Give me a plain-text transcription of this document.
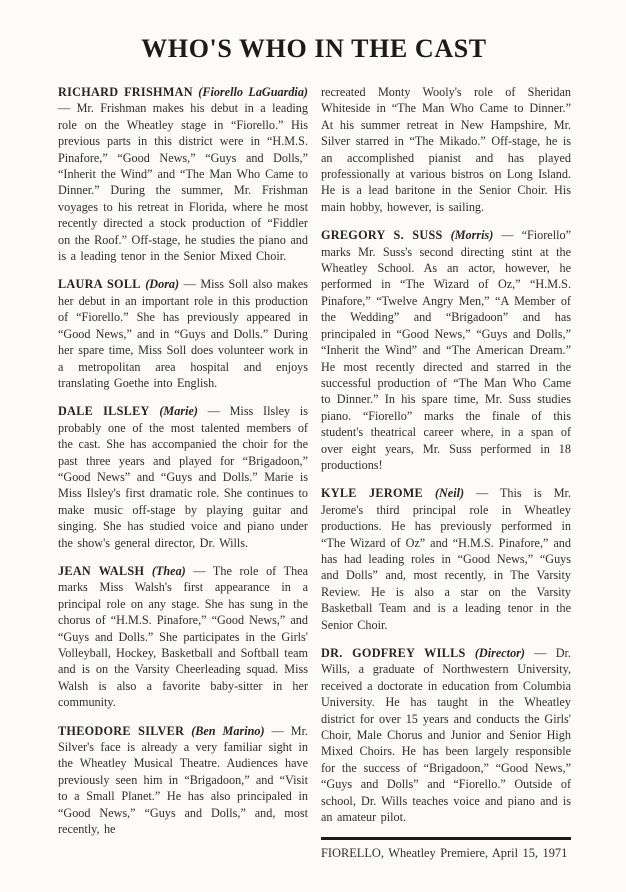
WHO'S WHO IN THE CAST

RICHARD FRISHMAN (Fiorello LaGuardia) — Mr. Frishman makes his debut in a leading role on the Wheatley stage in “Fiorello.” His previous parts in this district were in “H.M.S. Pinafore,” “Good News,” “Guys and Dolls,” “Inherit the Wind” and “The Man Who Came to Dinner.” During the summer, Mr. Frishman voyages to his retreat in Florida, where he most recently directed a stock production of “Fiddler on the Roof.” Off-stage, he studies the piano and is a leading tenor in the Senior Mixed Choir.

LAURA SOLL (Dora) — Miss Soll also makes her debut in an important role in this production of “Fiorello.” She has previously appeared in “Good News,” and in “Guys and Dolls.” During her spare time, Miss Soll does volunteer work in a metropolitan area hospital and enjoys translating Goethe into English.

DALE ILSLEY (Marie) — Miss Ilsley is probably one of the most talented members of the cast. She has accompanied the choir for the past three years and played for “Brigadoon,” “Good News” and “Guys and Dolls.” Marie is Miss Ilsley's first dramatic role. She continues to make music off-stage by playing guitar and singing. She has studied voice and piano under the show's general director, Dr. Wills.

JEAN WALSH (Thea) — The role of Thea marks Miss Walsh's first appearance in a principal role on any stage. She has sung in the chorus of “H.M.S. Pinafore,” “Good News,” and “Guys and Dolls.” She participates in the Girls' Volleyball, Hockey, Basketball and Softball team and is on the Varsity Cheerleading squad. Miss Walsh is also a favorite baby-sitter in her community.

THEODORE SILVER (Ben Marino) — Mr. Silver's face is already a very familiar sight in the Wheatley Musical Theatre. Audiences have previously seen him in “Brigadoon,” and “Visit to a Small Planet.” He has also principaled in “Good News,” “Guys and Dolls,” and, most recently, he

recreated Monty Wooly's role of Sheridan Whiteside in “The Man Who Came to Dinner.” At his summer retreat in New Hampshire, Mr. Silver starred in “The Mikado.” Off-stage, he is an accomplished pianist and has played professionally at various bistros on Long Island. He is a lead baritone in the Senior Choir. His main hobby, however, is sailing.

GREGORY S. SUSS (Morris) — “Fiorello” marks Mr. Suss's second directing stint at the Wheatley School. As an actor, however, he performed in “The Wizard of Oz,” “H.M.S. Pinafore,” “Twelve Angry Men,” “A Member of the Wedding” and “Brigadoon” and has principaled in “Good News,” “Guys and Dolls,” “Inherit the Wind” and “The American Dream.” He most recently directed and starred in the successful production of “The Man Who Came to Dinner.” In his spare time, Mr. Suss studies piano. “Fiorello” marks the finale of this student's theatrical career where, in a span of over eight years, Mr. Suss performed in 18 productions!

KYLE JEROME (Neil) — This is Mr. Jerome's third principal role in Wheatley productions. He has previously performed in “The Wizard of Oz” and “H.M.S. Pinafore,” and has had leading roles in “Good News,” “Guys and Dolls” and, most recently, in The Varsity Review. He is also a star on the Varsity Basketball Team and is a leading tenor in the Senior Choir.

DR. GODFREY WILLS (Director) — Dr. Wills, a graduate of Northwestern University, received a doctorate in education from Columbia University. He has taught in the Wheatley district for over 15 years and conducts the Girls' Choir, Male Chorus and Junior and Senior High Mixed Choirs. He has been largely responsible for the success of “Brigadoon,” “Good News,” “Guys and Dolls” and “Fiorello.” Outside of school, Dr. Wills teaches voice and piano and is an amateur pilot.

FIORELLO, Wheatley Premiere, April 15, 1971
